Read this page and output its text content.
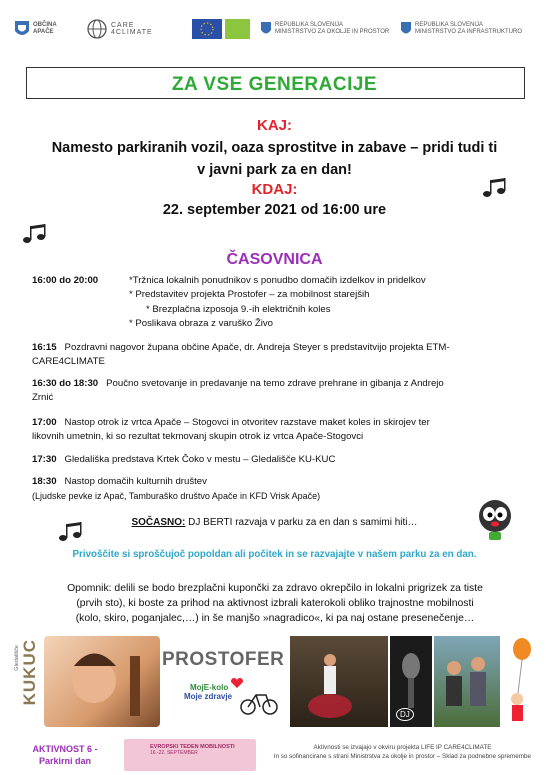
OBČINA
APAČE
CARE
4CLIMATE
REPUBLIKA SLOVENIJA
MINISTRSTVO ZA OKOLJE IN PROSTOR
REPUBLIKA SLOVENIJA
MINISTRSTVO ZA INFRASTRUKTURO
ZA VSE GENERACIJE
KAJ:
Namesto parkiranih vozil, oaza sprostitve in zabave – pridi tudi ti
v javni park za en dan!
KDAJ:
22. september 2021 od 16:00 ure
ČASOVNICA
16:00 do 20:00	*Tržnica lokalnih ponudnikov s ponudbo domačih izdelkov in pridelkov
* Predstavitev projekta Prostofer – za mobilnost starejših
* Brezplačna izposoja 9.-ih električnih koles
* Poslikava obraza z varuško Živo
16:15 Pozdravni nagovor župana občine Apače, dr. Andreja Steyer s predstavitvijo projekta ETM-
CARE4CLIMATE
16:30 do 18:30 Poučno svetovanje in predavanje na temo zdrave prehrane in gibanja z Andrejo
Zrnić
17:00 Nastop otrok iz vrtca Apače – Stogovci in otvoritev razstave maket koles in skirojev ter
likovnih umetnin, ki so rezultat tekmovanj skupin otrok iz vrtca Apače-Stogovci
17:30 Gledališka predstava Krtek Čoko v mestu – Gledališče KU-KUC
18:30 Nastop domačih kulturnih društev
(Ljudske pevke iz Apač, Tamburaško društvo Apače in KFD Vrisk Apače)
SOČASNO: DJ BERTI razvaja v parku za en dan s samimi hiti…
Privoščite si sproščujoč popoldan ali počitek in se razvajajte v našem parku za en dan.
Opomnik: delili se bodo brezplačni kupončki za zdravo okrepčilo in lokalni prigrizek za tiste
(prvih sto), ki boste za prihod na aktivnost izbrali katerokoli obliko trajnostne mobilnosti
(kolo, skiro, poganjalec,…) in še manjšo »nagradico«, ki pa naj ostane presenečenje…
Gledališče KUKUC	PROSTOFER
MojE-kolo
Moje zdravje
DJ
AKTIVNOST 6 -
Parkirni dan
EVROPSKI TEDEN MOBILNOSTI
16.-22. SEPTEMBER
Aktivnosti se izvajajo v okviru projekta LIFE IP CARE4CLIMATE
in so sofinancirane s strani Ministrstva za okolje in prostor – Sklad za podnebne spremembe
